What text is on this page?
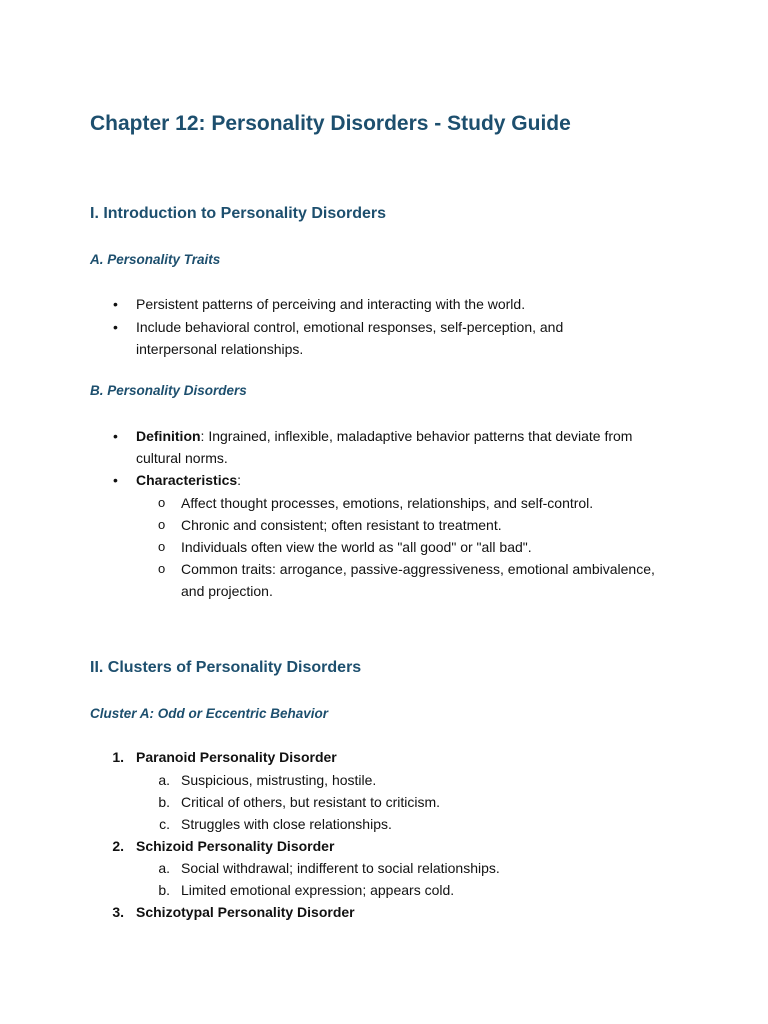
Chapter 12: Personality Disorders - Study Guide
I. Introduction to Personality Disorders
A. Personality Traits
• Persistent patterns of perceiving and interacting with the world.
• Include behavioral control, emotional responses, self-perception, and
interpersonal relationships.
B. Personality Disorders
• Definition: Ingrained, inflexible, maladaptive behavior patterns that deviate from
cultural norms.
• Characteristics:
o Affect thought processes, emotions, relationships, and self-control.
o Chronic and consistent; often resistant to treatment.
o Individuals often view the world as "all good" or "all bad".
o Common traits: arrogance, passive-aggressiveness, emotional ambivalence,
and projection.
II. Clusters of Personality Disorders
Cluster A: Odd or Eccentric Behavior
1. Paranoid Personality Disorder
a. Suspicious, mistrusting, hostile.
b. Critical of others, but resistant to criticism.
c. Struggles with close relationships.
2. Schizoid Personality Disorder
a. Social withdrawal; indifferent to social relationships.
b. Limited emotional expression; appears cold.
3. Schizotypal Personality Disorder
